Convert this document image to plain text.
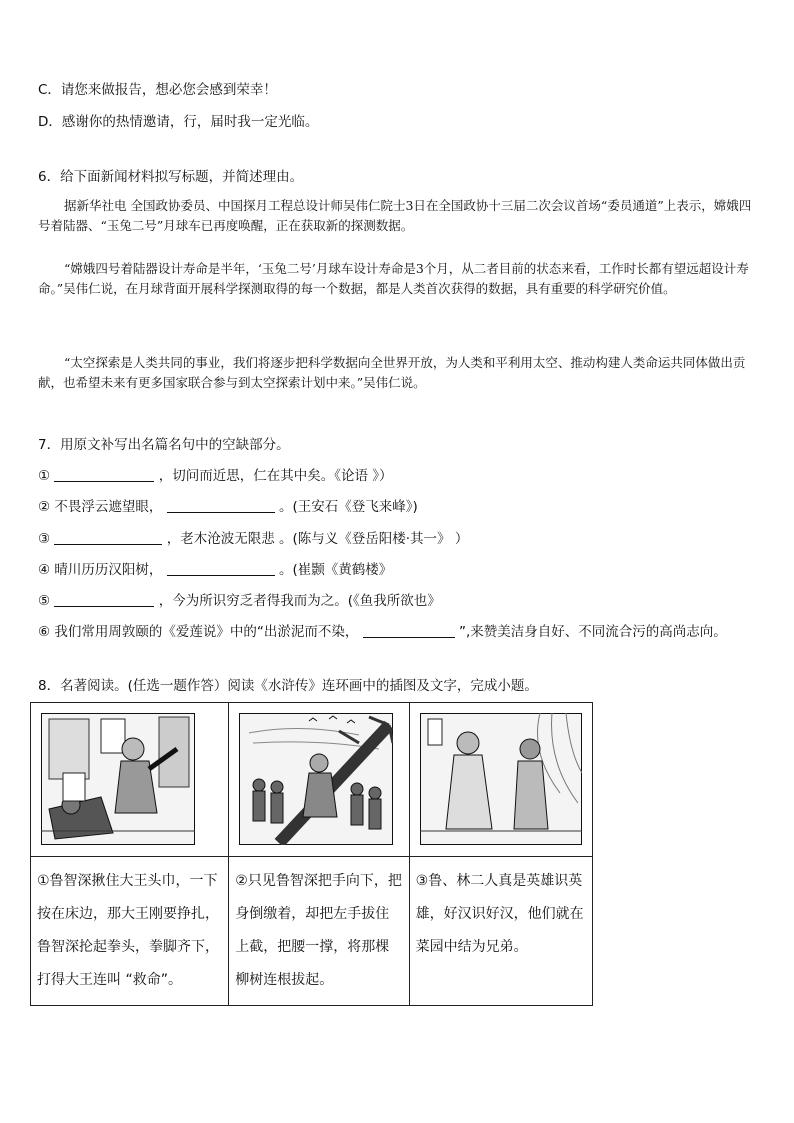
C．请您来做报告，想必您会感到荣幸！
D．感谢你的热情邀请，行，届时我一定光临。
6．给下面新闻材料拟写标题，并简述理由。
据新华社电 全国政协委员、中国探月工程总设计师吴伟仁院士3日在全国政协十三届二次会议首场“委员通道”上表示，嫦娥四号着陆器、“玉兔二号”月球车已再度唤醒，正在获取新的探测数据。
“嫦娥四号着陆器设计寿命是半年，‘玉兔二号’月球车设计寿命是3个月，从二者目前的状态来看，工作时长都有望远超设计寿命。”吴伟仁说，在月球背面开展科学探测取得的每一个数据，都是人类首次获得的数据，具有重要的科学研究价值。
“太空探索是人类共同的事业，我们将逐步把科学数据向全世界开放，为人类和平利用太空、推动构建人类命运共同体做出贡献，也希望未来有更多国家联合参与到太空探索计划中来。”吴伟仁说。
7．用原文补写出名篇名句中的空缺部分。
①	，切问而近思，仁在其中矣。《论语 》）
② 不畏浮云遮望眼，	。(王安石《登飞来峰》)
③	，老木沧波无限悲 。(陈与义《登岳阳楼·其一》 ）
④ 晴川历历汉阳树，	。(崔颢《黄鹤楼》
⑤	，今为所识穷乏者得我而为之。(《鱼我所欲也》
⑥ 我们常用周敦颐的《爱莲说》中的“出淤泥而不染，	”,来赞美洁身自好、不同流合污的高尚志向。
8．名著阅读。(任选一题作答）阅读《水浒传》连环画中的插图及文字，完成小题。

①鲁智深揪住大王头巾，一下按在床边，那大王刚要挣扎，鲁智深抡起拳头，拳脚齐下，打得大王连叫 “救命”。	②只见鲁智深把手向下，把身倒缴着，却把左手拔住上截，把腰一撑，将那棵柳树连根拔起。	③鲁、林二人真是英雄识英雄，好汉识好汉，他们就在菜园中结为兄弟。
